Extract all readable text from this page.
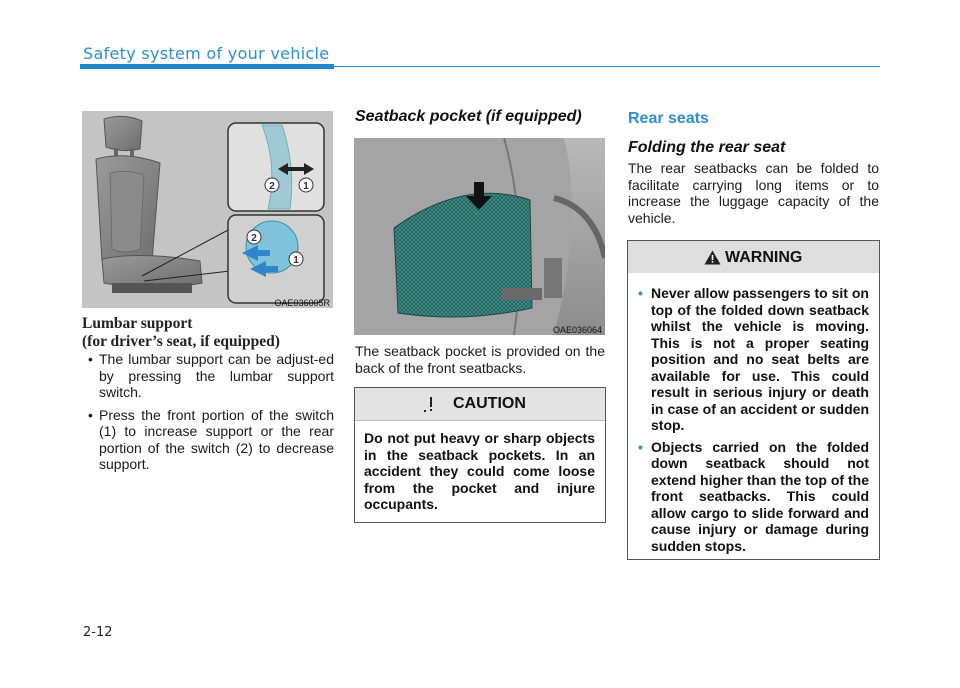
Safety system of your vehicle
2	1
2
1
OAE036005R
Lumbar support
(for driver’s seat, if equipped)
• The lumbar support can be adjust-ed by pressing the lumbar support switch.
• Press the front portion of the switch (1) to increase support or the rear portion of the switch (2) to decrease support.
Seatback pocket (if equipped)
OAE036064
The seatback pocket is provided on the back of the front seatbacks.
CAUTION
Do not put heavy or sharp objects in the seatback pockets. In an accident they could come loose from the pocket and injure occupants.
Rear seats
Folding the rear seat
The rear seatbacks can be folded to facilitate carrying long items or to increase the luggage capacity of the vehicle.
WARNING
• Never allow passengers to sit on top of the folded down seatback whilst the vehicle is moving. This is not a proper seating position and no seat belts are available for use. This could result in serious injury or death in case of an accident or sudden stop.
• Objects carried on the folded down seatback should not extend higher than the top of the front seatbacks. This could allow cargo to slide forward and cause injury or damage during sudden stops.
2-12
